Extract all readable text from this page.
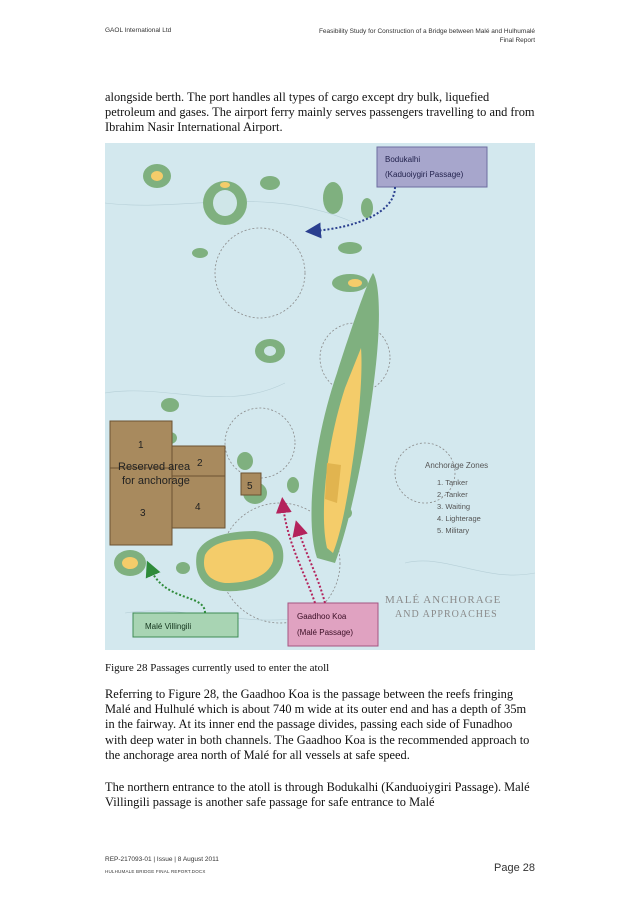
GAOL International Ltd	Feasibility Study for Construction of a Bridge between Malé and Hulhumalé
Final Report

alongside berth. The port handles all types of cargo except dry bulk, liquefied petroleum and gases. The airport ferry mainly serves passengers travelling to and from Ibrahim Nasir International Airport.

1
2
3
4
5
Reserved area
for anchorage
Anchorage Zones
1. Tanker
2. Tanker
3. Waiting
4. Lighterage
5. Military
MALÉ ANCHORAGE
AND APPROACHES
Bodukalhi
(Kaduoiygiri Passage)
Gaadhoo Koa
(Malé Passage)
Malé Villingili
Figure 28 Passages currently used to enter the atoll

Referring to Figure 28, the Gaadhoo Koa is the passage between the reefs fringing Malé and Hulhulé which is about 740 m wide at its outer end and has a depth of 35m in the fairway. At its inner end the passage divides, passing each side of Funadhoo with deep water in both channels. The Gaadhoo Koa is the recommended approach to the anchorage area north of Malé for all vessels at safe speed.

The northern entrance to the atoll is through Bodukalhi (Kanduoiygiri Passage). Malé Villingili passage is another safe passage for safe entrance to Malé

REP-217093-01 | Issue | 8 August 2011
HULHUMALE BRIDGE FINAL REPORT.DOCX	Page 28
